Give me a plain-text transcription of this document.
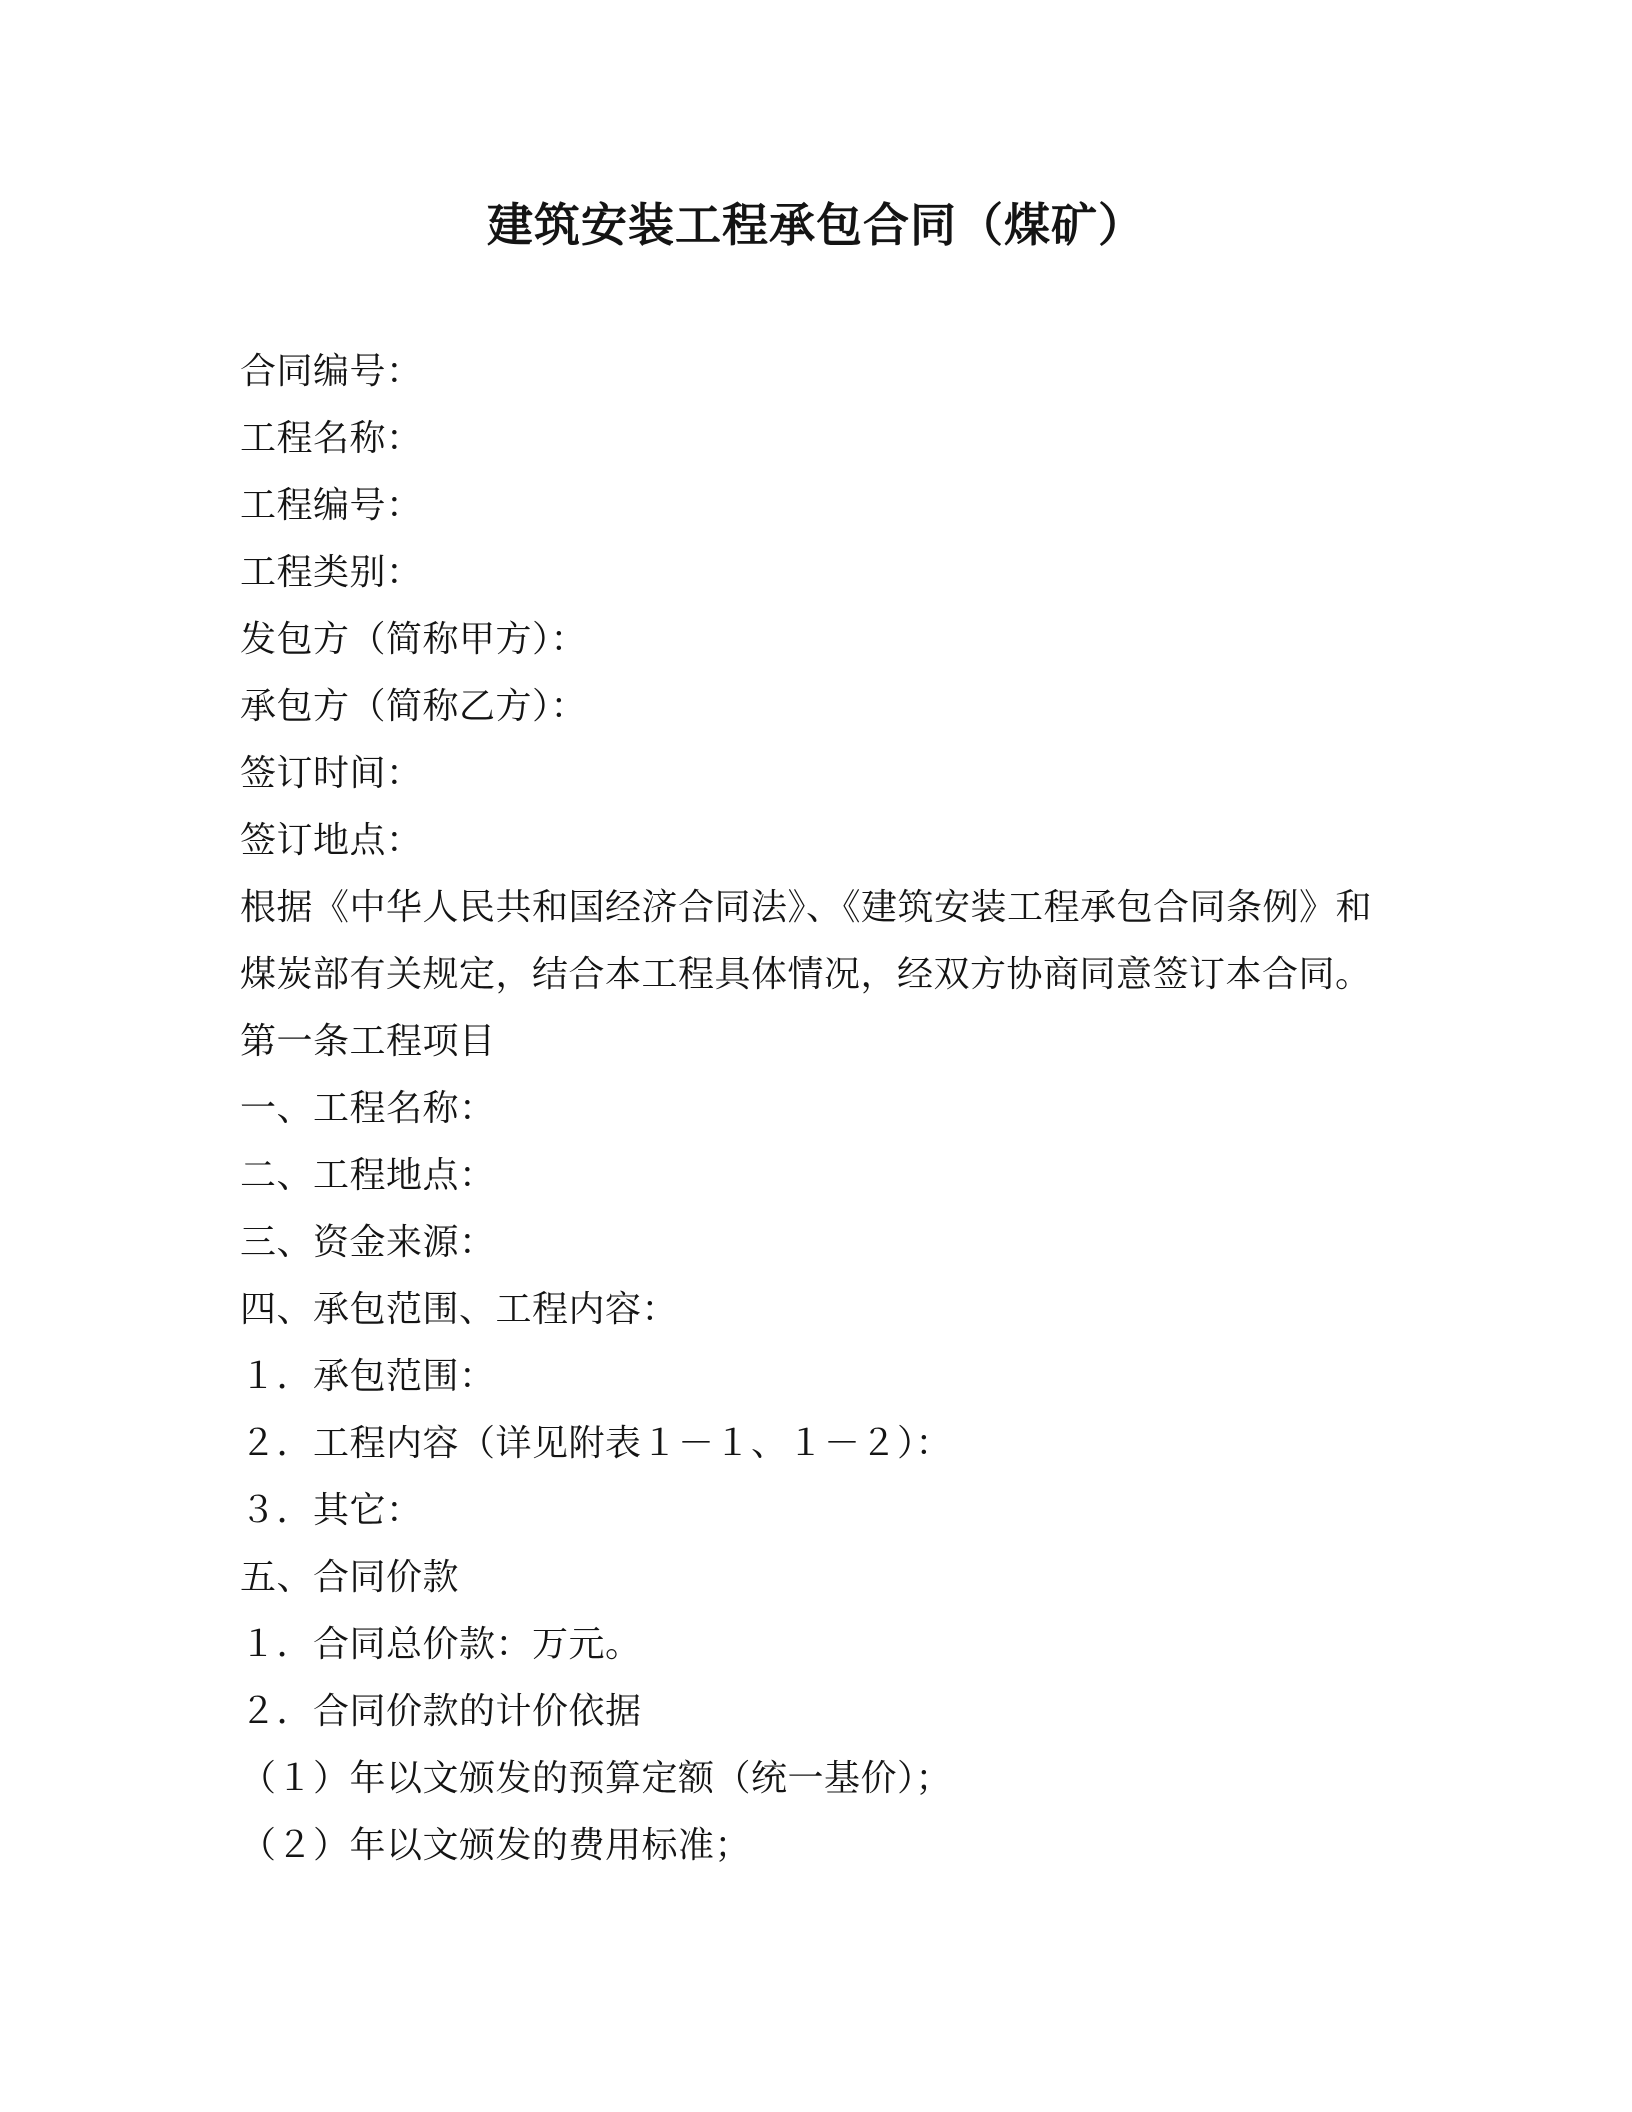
建筑安装工程承包合同（煤矿）
合同编号：
工程名称：
工程编号：
工程类别：
发包方（简称甲方）：
承包方（简称乙方）：
签订时间：
签订地点：
根据《中华人民共和国经济合同法》、《建筑安装工程承包合同条例》和
煤炭部有关规定，结合本工程具体情况，经双方协商同意签订本合同。
第一条工程项目
一、工程名称：
二、工程地点：
三、资金来源：
四、承包范围、工程内容：
１．承包范围：
２．工程内容（详见附表１－１、１－２）：
３．其它：
五、合同价款
１．合同总价款：万元。
２．合同价款的计价依据
（１）年以文颁发的预算定额（统一基价）；
（２）年以文颁发的费用标准；
